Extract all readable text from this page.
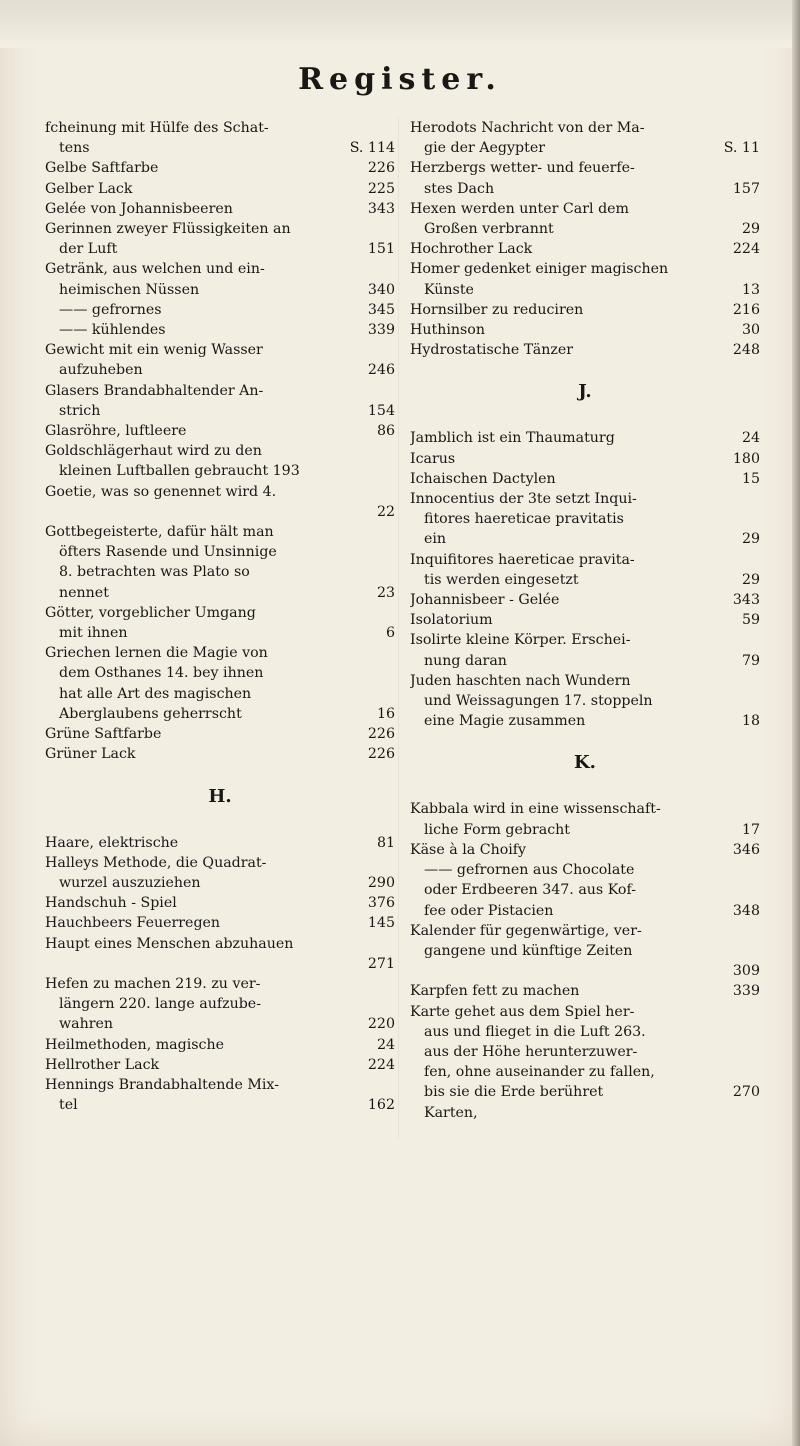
Register.
fcheinung mit Hülfe des Schat-
tens	S. 114
Gelbe Saftfarbe	226
Gelber Lack	225
Gelée von Johannisbeeren	343
Gerinnen zweyer Flüssigkeiten an
der Luft	151
Getränk, aus welchen und ein-
heimischen Nüssen	340
—— gefrornes	345
—— kühlendes	339
Gewicht mit ein wenig Wasser
aufzuheben	246
Glasers Brandabhaltender An-
strich	154
Glasröhre, luftleere	86
Goldschlägerhaut wird zu den
kleinen Luftballen gebraucht 193
Goetie, was so genennet wird 4.
22
Gottbegeisterte, dafür hält man
öfters Rasende und Unsinnige
8. betrachten was Plato so
nennet	23
Götter, vorgeblicher Umgang
mit ihnen	6
Griechen lernen die Magie von
dem Osthanes 14. bey ihnen
hat alle Art des magischen
Aberglaubens geherrscht	16
Grüne Saftfarbe	226
Grüner Lack	226
H.
Haare, elektrische	81
Halleys Methode, die Quadrat-
wurzel auszuziehen	290
Handschuh - Spiel	376
Hauchbeers Feuerregen	145
Haupt eines Menschen abzuhauen
271
Hefen zu machen 219. zu ver-
längern 220. lange aufzube-
wahren	220
Heilmethoden, magische	24
Hellrother Lack	224
Hennings Brandabhaltende Mix-
tel	162
Herodots Nachricht von der Ma-
gie der Aegypter	S. 11
Herzbergs wetter- und feuerfe-
stes Dach	157
Hexen werden unter Carl dem
Großen verbrannt	29
Hochrother Lack	224
Homer gedenket einiger magischen
Künste	13
Hornsilber zu reduciren	216
Huthinson	30
Hydrostatische Tänzer	248
J.
Jamblich ist ein Thaumaturg	24
Icarus	180
Ichaischen Dactylen	15
Innocentius der 3te setzt Inqui-
fitores haereticae pravitatis
ein	29
Inquifitores haereticae pravita-
tis werden eingesetzt	29
Johannisbeer - Gelée	343
Isolatorium	59
Isolirte kleine Körper. Erschei-
nung daran	79
Juden haschten nach Wundern
und Weissagungen 17. stoppeln
eine Magie zusammen	18
K.
Kabbala wird in eine wissenschaft-
liche Form gebracht	17
Käse à la Choify	346
—— gefrornen aus Chocolate
oder Erdbeeren 347. aus Kof-
fee oder Pistacien	348
Kalender für gegenwärtige, ver-
gangene und künftige Zeiten
309
Karpfen fett zu machen	339
Karte gehet aus dem Spiel her-
aus und flieget in die Luft 263.
aus der Höhe herunterzuwer-
fen, ohne auseinander zu fallen,
bis sie die Erde berühret	270
Karten,
